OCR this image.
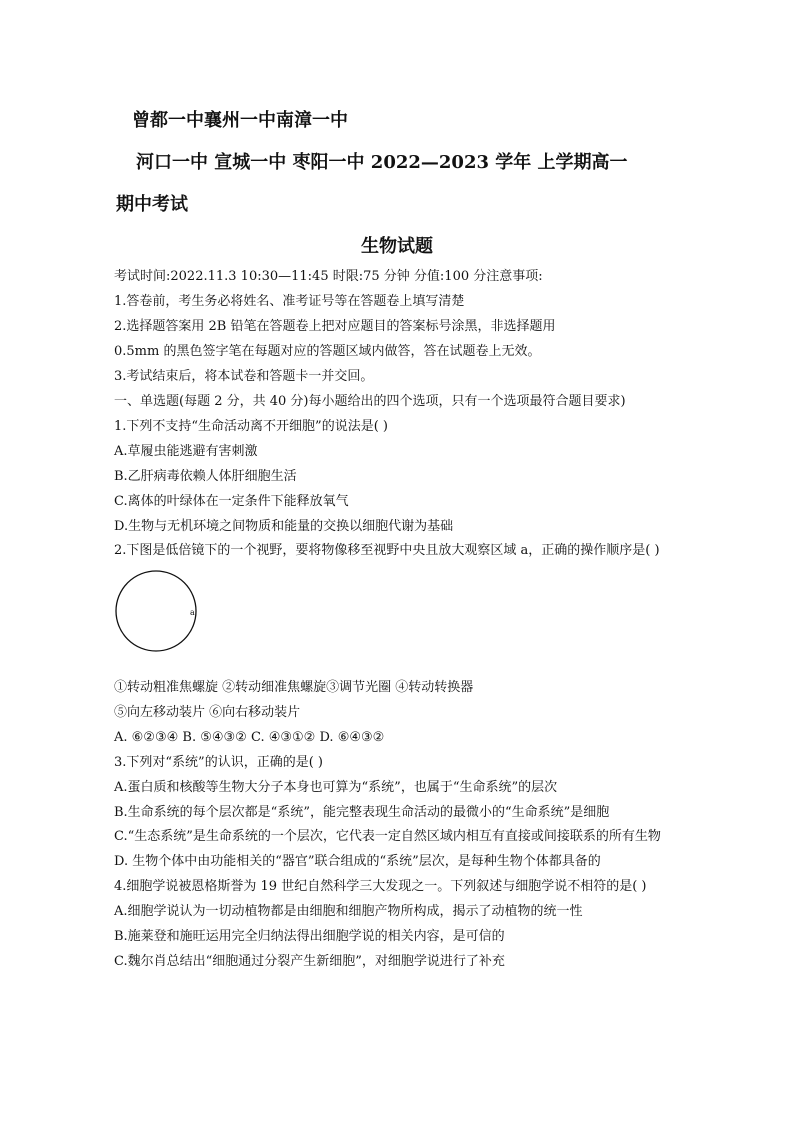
曾都一中襄州一中南漳一中
河口一中 宣城一中 枣阳一中 2022—2023 学年 上学期高一
期中考试
生物试题
考试时间:2022.11.3 10:30—11:45 时限:75 分钟 分值:100 分注意事项:
1.答卷前，考生务必将姓名、准考证号等在答题卷上填写清楚
2.选择题答案用 2B 铅笔在答题卷上把对应题目的答案标号涂黑，非选择题用
0.5mm 的黑色签字笔在每题对应的答题区域内做答，答在试题卷上无效。
3.考试结束后，将本试卷和答题卡一并交回。
一、单选题(每题 2 分，共 40 分)每小题给出的四个选项，只有一个选项最符合题目要求)
1.下列不支持“生命活动离不开细胞”的说法是( )
A.草履虫能逃避有害刺激
B.乙肝病毒依赖人体肝细胞生活
C.离体的叶绿体在一定条件下能释放氧气
D.生物与无机环境之间物质和能量的交换以细胞代谢为基础
2.下图是低倍镜下的一个视野，要将物像移至视野中央且放大观察区域 a，正确的操作顺序是( )
a
①转动粗准焦螺旋 ②转动细准焦螺旋③调节光圈 ④转动转换器
⑤向左移动装片 ⑥向右移动装片
A. ⑥②③④ B. ⑤④③② C. ④③①② D. ⑥④③②
3.下列对“系统”的认识，正确的是( )
A.蛋白质和核酸等生物大分子本身也可算为“系统”，也属于“生命系统”的层次
B.生命系统的每个层次都是“系统”，能完整表现生命活动的最微小的“生命系统”是细胞
C.“生态系统”是生命系统的一个层次，它代表一定自然区域内相互有直接或间接联系的所有生物
D. 生物个体中由功能相关的“器官”联合组成的“系统”层次，是每种生物个体都具备的
4.细胞学说被恩格斯誉为 19 世纪自然科学三大发现之一。下列叙述与细胞学说不相符的是( )
A.细胞学说认为一切动植物都是由细胞和细胞产物所构成，揭示了动植物的统一性
B.施莱登和施旺运用完全归纳法得出细胞学说的相关内容，是可信的
C.魏尔肖总结出“细胞通过分裂产生新细胞”，对细胞学说进行了补充
